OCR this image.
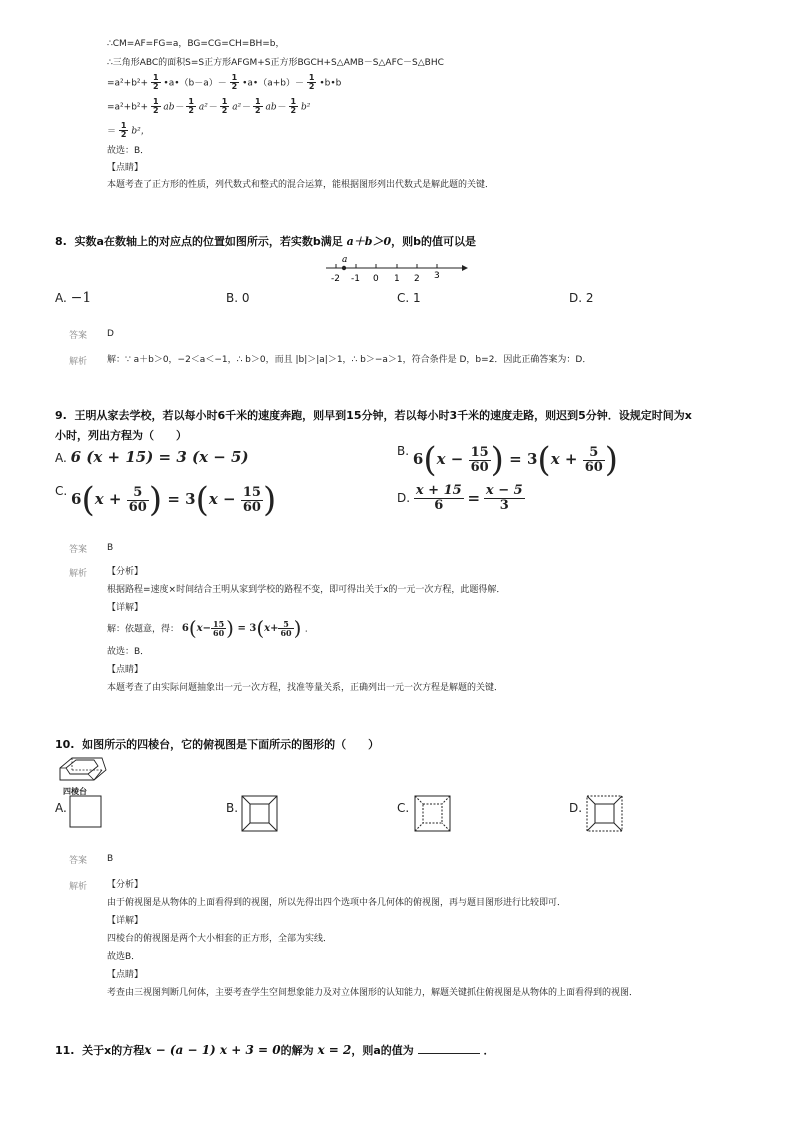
∴CM=AF=FG=a，BG=CG=CH=BH=b，
∴三角形ABC的面积S=S正方形AFGM+S正方形BGCH+S△AMB－S△AFC－S△BHC
$=a^2+b^2+ \frac{1}{2}$ •a•（b－a）－ $\frac{1}{2}$ •a•（a+b）－ $\frac{1}{2}$ •b•b
$=a^2+b^2+ \frac{1}{2} ab- \frac{1}{2} a^2- \frac{1}{2} a^2- \frac{1}{2} ab- \frac{1}{2} b^2$
＝ $\frac{1}{2} b^2$，
故选：B．
【点睛】
本题考查了正方形的性质，列代数式和整式的混合运算，能根据图形列出代数式是解此题的关键．
8. 实数a在数轴上的对应点的位置如图所示，若实数b满足 a＋b＞0，则b的值可以是
a
-2 -1 0 1 2 3
A. −1	B. 0	C. 1	D. 2
答案 D
解析 解：∵ a＋b＞0，−2＜a＜−1，∴ b＞0，而且 |b|＞|a|＞1，∴ b＞−a＞1，符合条件是 D，b=2．因此正确答案为：D．
9. 王明从家去学校，若以每小时6千米的速度奔跑，则早到15分钟，若以每小时3千米的速度走路，则迟到5分钟．设规定时间为x
小时，列出方程为（　　）
A. 6 (x + 15) = 3 (x − 5)	B. $6(x - \frac{15}{60}$ ) = $3(x + \frac{5}{60}$ )
C. $6(x + \frac{5}{60}$ ) = $3(x - \frac{15}{60}$ )	D. $\frac{x + 15}{6} = \frac{x - 5}{3}$
答案 B
解析 【分析】
根据路程=速度×时间结合王明从家到学校的路程不变，即可得出关于x的一元一次方程，此题得解．
【详解】
解：依题意，得： $6(x- \frac{15}{60}$ ) = $3(x+ \frac{5}{60}$ ) ．
故选：B．
【点睛】
本题考查了由实际问题抽象出一元一次方程，找准等量关系，正确列出一元一次方程是解题的关键．
10. 如图所示的四棱台，它的俯视图是下面所示的图形的（　　）
四棱台
A.	B.	C.	D.
答案 B
解析 【分析】
由于俯视图是从物体的上面看得到的视图，所以先得出四个选项中各几何体的俯视图，再与题目图形进行比较即可．
【详解】
四棱台的俯视图是两个大小相套的正方形，全部为实线．
故选B．
【点睛】
考查由三视图判断几何体，主要考查学生空间想象能力及对立体图形的认知能力，解题关键抓住俯视图是从物体的上面看得到的视图．
11. 关于x的方程x − (a − 1) x + 3 = 0的解为 x = 2，则a的值为	．
